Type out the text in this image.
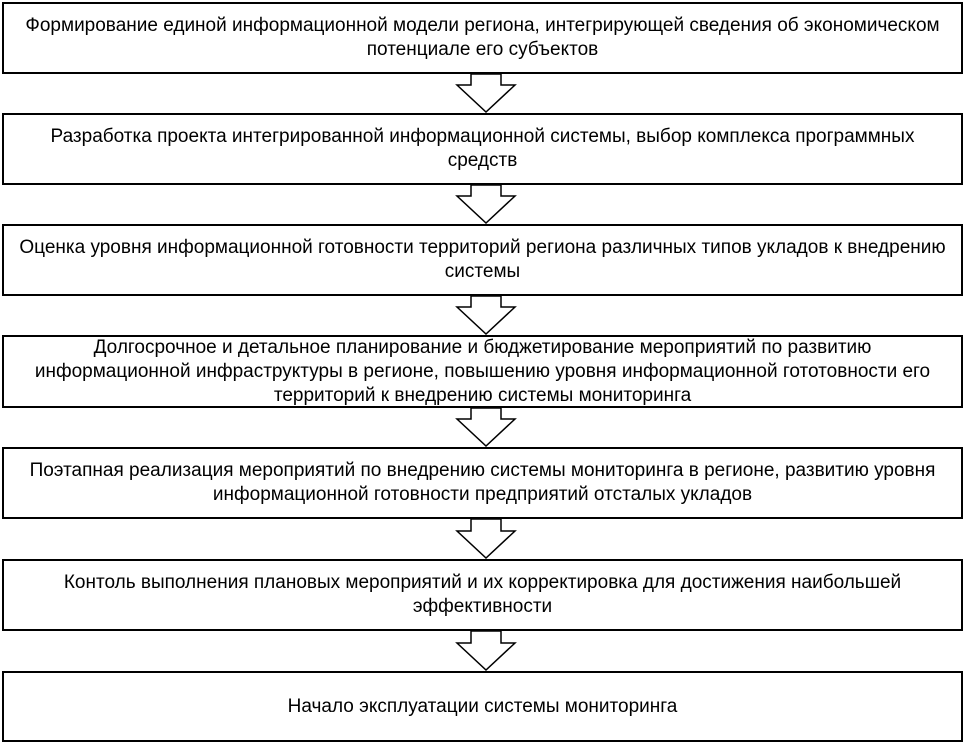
Формирование единой информационной модели региона, интегрирующей сведения об экономическом потенциале его субъектов
Разработка проекта интегрированной информационной системы, выбор комплекса программных средств
Оценка уровня информационной готовности территорий региона различных типов укладов к внедрению системы
Долгосрочное и детальное планирование и бюджетирование мероприятий по развитию информационной инфраструктуры в регионе, повышению уровня информационной гототовности его территорий к внедрению системы мониторинга
Поэтапная реализация мероприятий по внедрению системы мониторинга в регионе, развитию уровня информационной готовности предприятий отсталых укладов
Контоль выполнения плановых мероприятий и их корректировка для достижения наибольшей эффективности
Начало эксплуатации системы мониторинга
